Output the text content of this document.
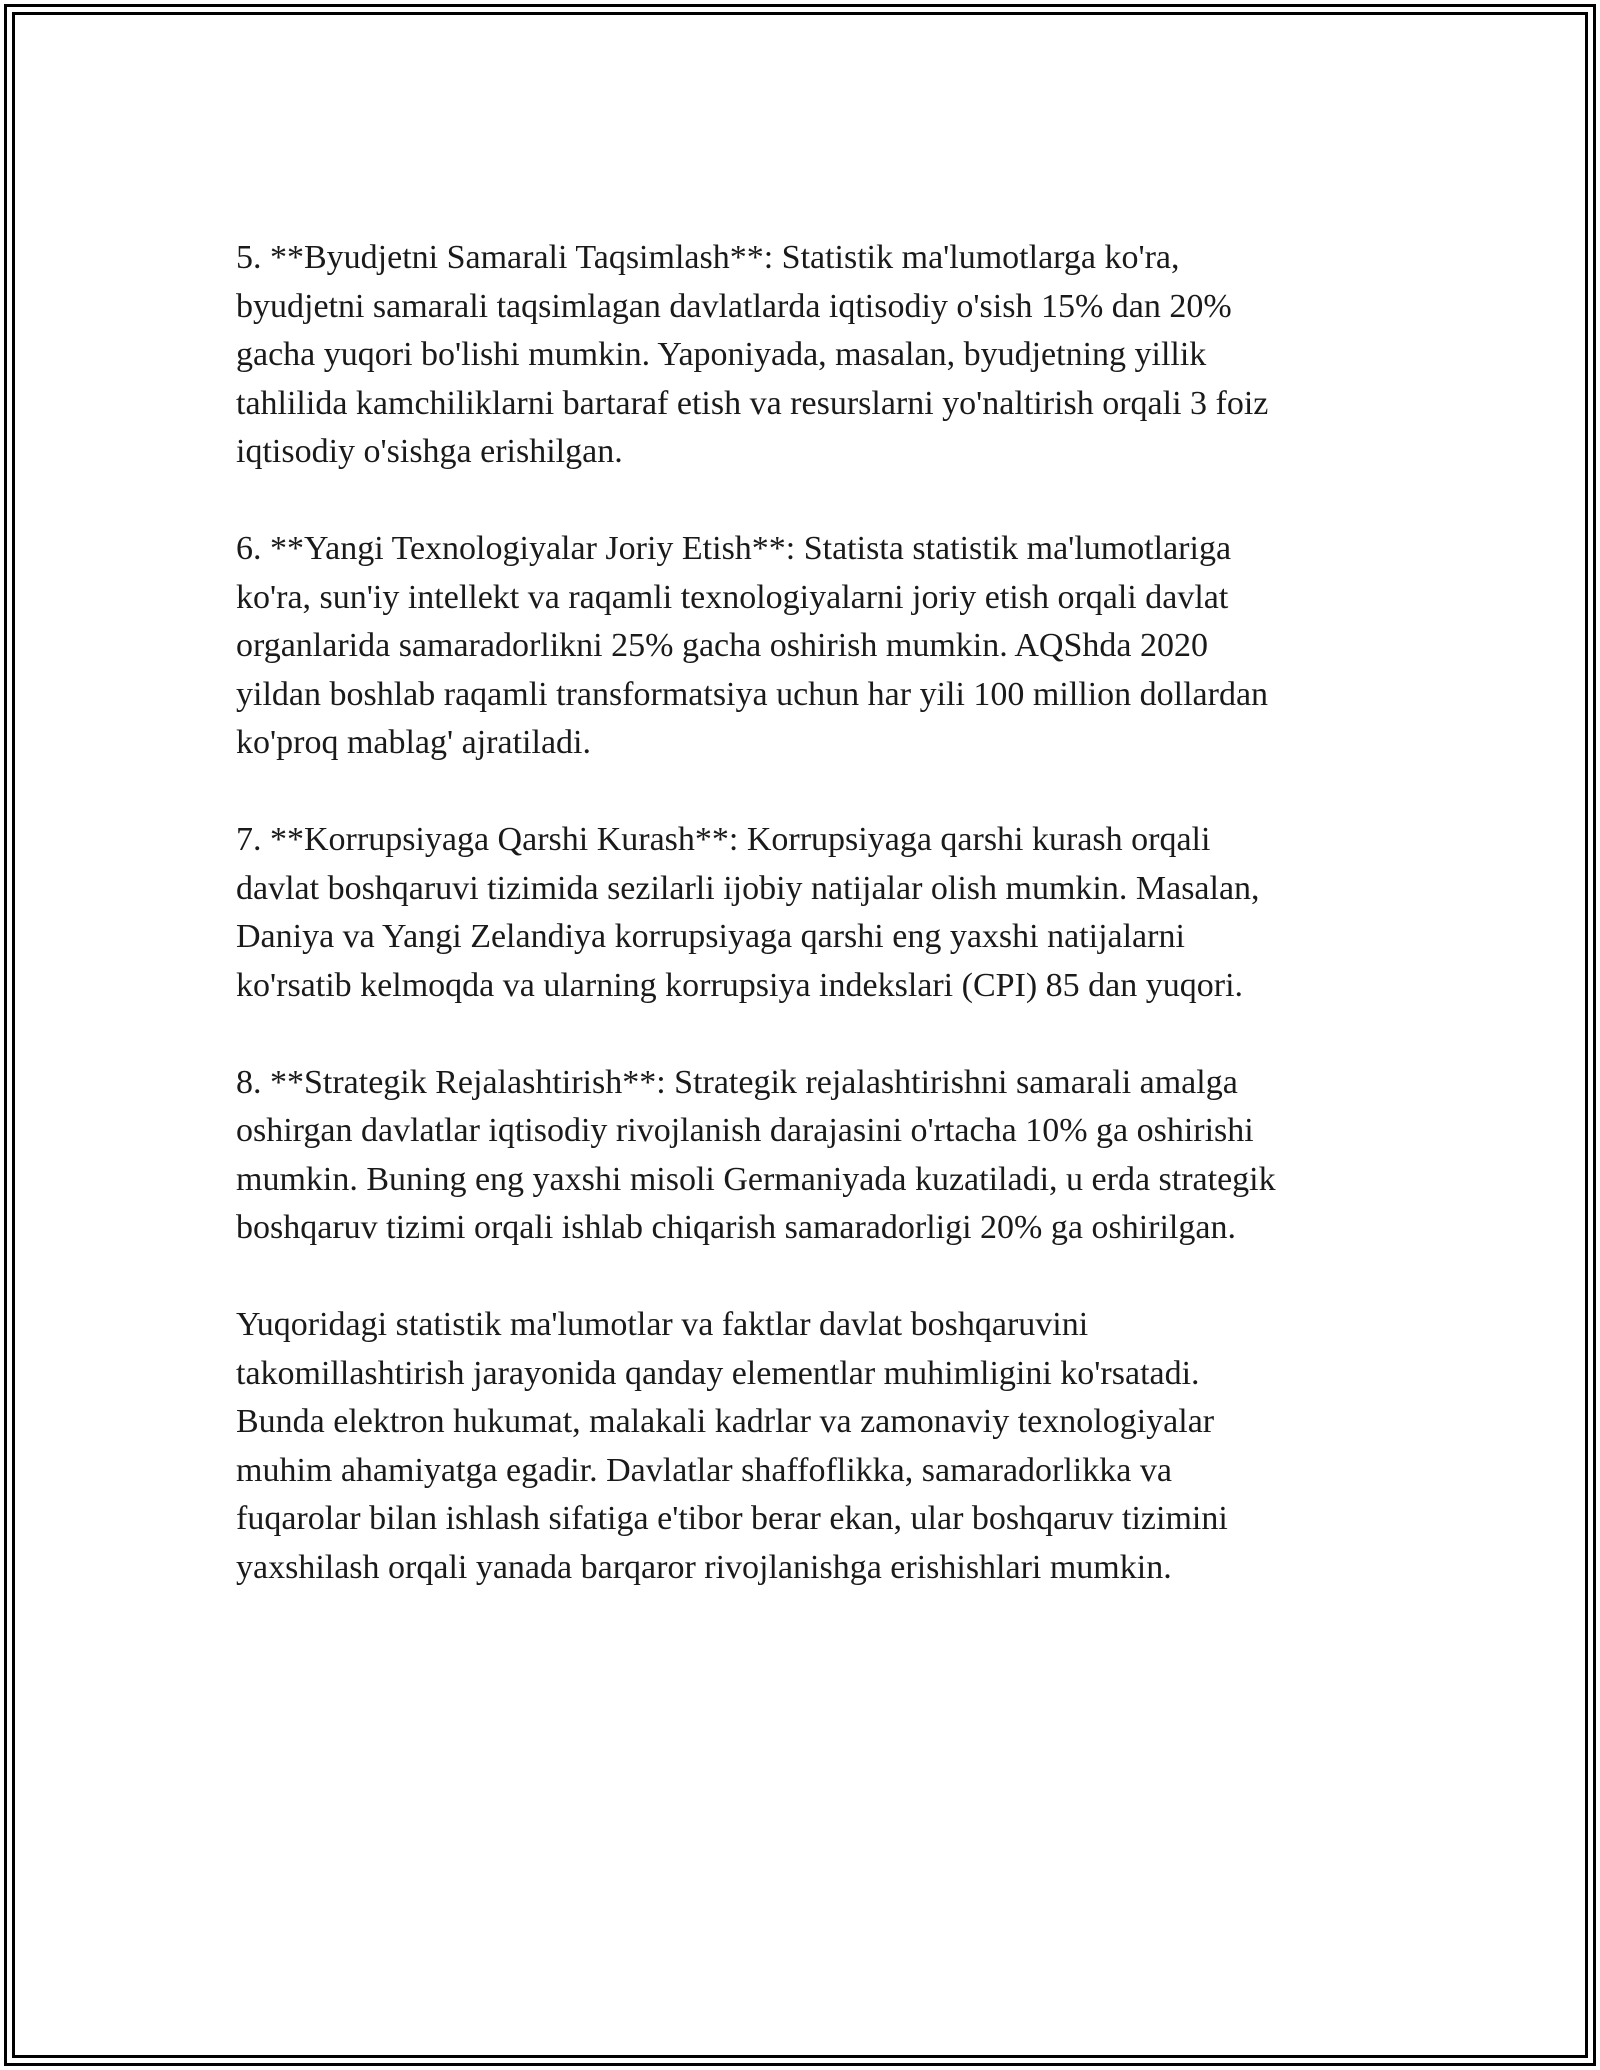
5. **Byudjetni Samarali Taqsimlash**: Statistik ma'lumotlarga ko'ra,
byudjetni samarali taqsimlagan davlatlarda iqtisodiy o'sish 15% dan 20%
gacha yuqori bo'lishi mumkin. Yaponiyada, masalan, byudjetning yillik
tahlilida kamchiliklarni bartaraf etish va resurslarni yo'naltirish orqali 3 foiz
iqtisodiy o'sishga erishilgan.

6. **Yangi Texnologiyalar Joriy Etish**: Statista statistik ma'lumotlariga
ko'ra, sun'iy intellekt va raqamli texnologiyalarni joriy etish orqali davlat
organlarida samaradorlikni 25% gacha oshirish mumkin. AQShda 2020
yildan boshlab raqamli transformatsiya uchun har yili 100 million dollardan
ko'proq mablag' ajratiladi.

7. **Korrupsiyaga Qarshi Kurash**: Korrupsiyaga qarshi kurash orqali
davlat boshqaruvi tizimida sezilarli ijobiy natijalar olish mumkin. Masalan,
Daniya va Yangi Zelandiya korrupsiyaga qarshi eng yaxshi natijalarni
ko'rsatib kelmoqda va ularning korrupsiya indekslari (CPI) 85 dan yuqori.

8. **Strategik Rejalashtirish**: Strategik rejalashtirishni samarali amalga
oshirgan davlatlar iqtisodiy rivojlanish darajasini o'rtacha 10% ga oshirishi
mumkin. Buning eng yaxshi misoli Germaniyada kuzatiladi, u erda strategik
boshqaruv tizimi orqali ishlab chiqarish samaradorligi 20% ga oshirilgan.

Yuqoridagi statistik ma'lumotlar va faktlar davlat boshqaruvini
takomillashtirish jarayonida qanday elementlar muhimligini ko'rsatadi.
Bunda elektron hukumat, malakali kadrlar va zamonaviy texnologiyalar
muhim ahamiyatga egadir. Davlatlar shaffoflikka, samaradorlikka va
fuqarolar bilan ishlash sifatiga e'tibor berar ekan, ular boshqaruv tizimini
yaxshilash orqali yanada barqaror rivojlanishga erishishlari mumkin.
